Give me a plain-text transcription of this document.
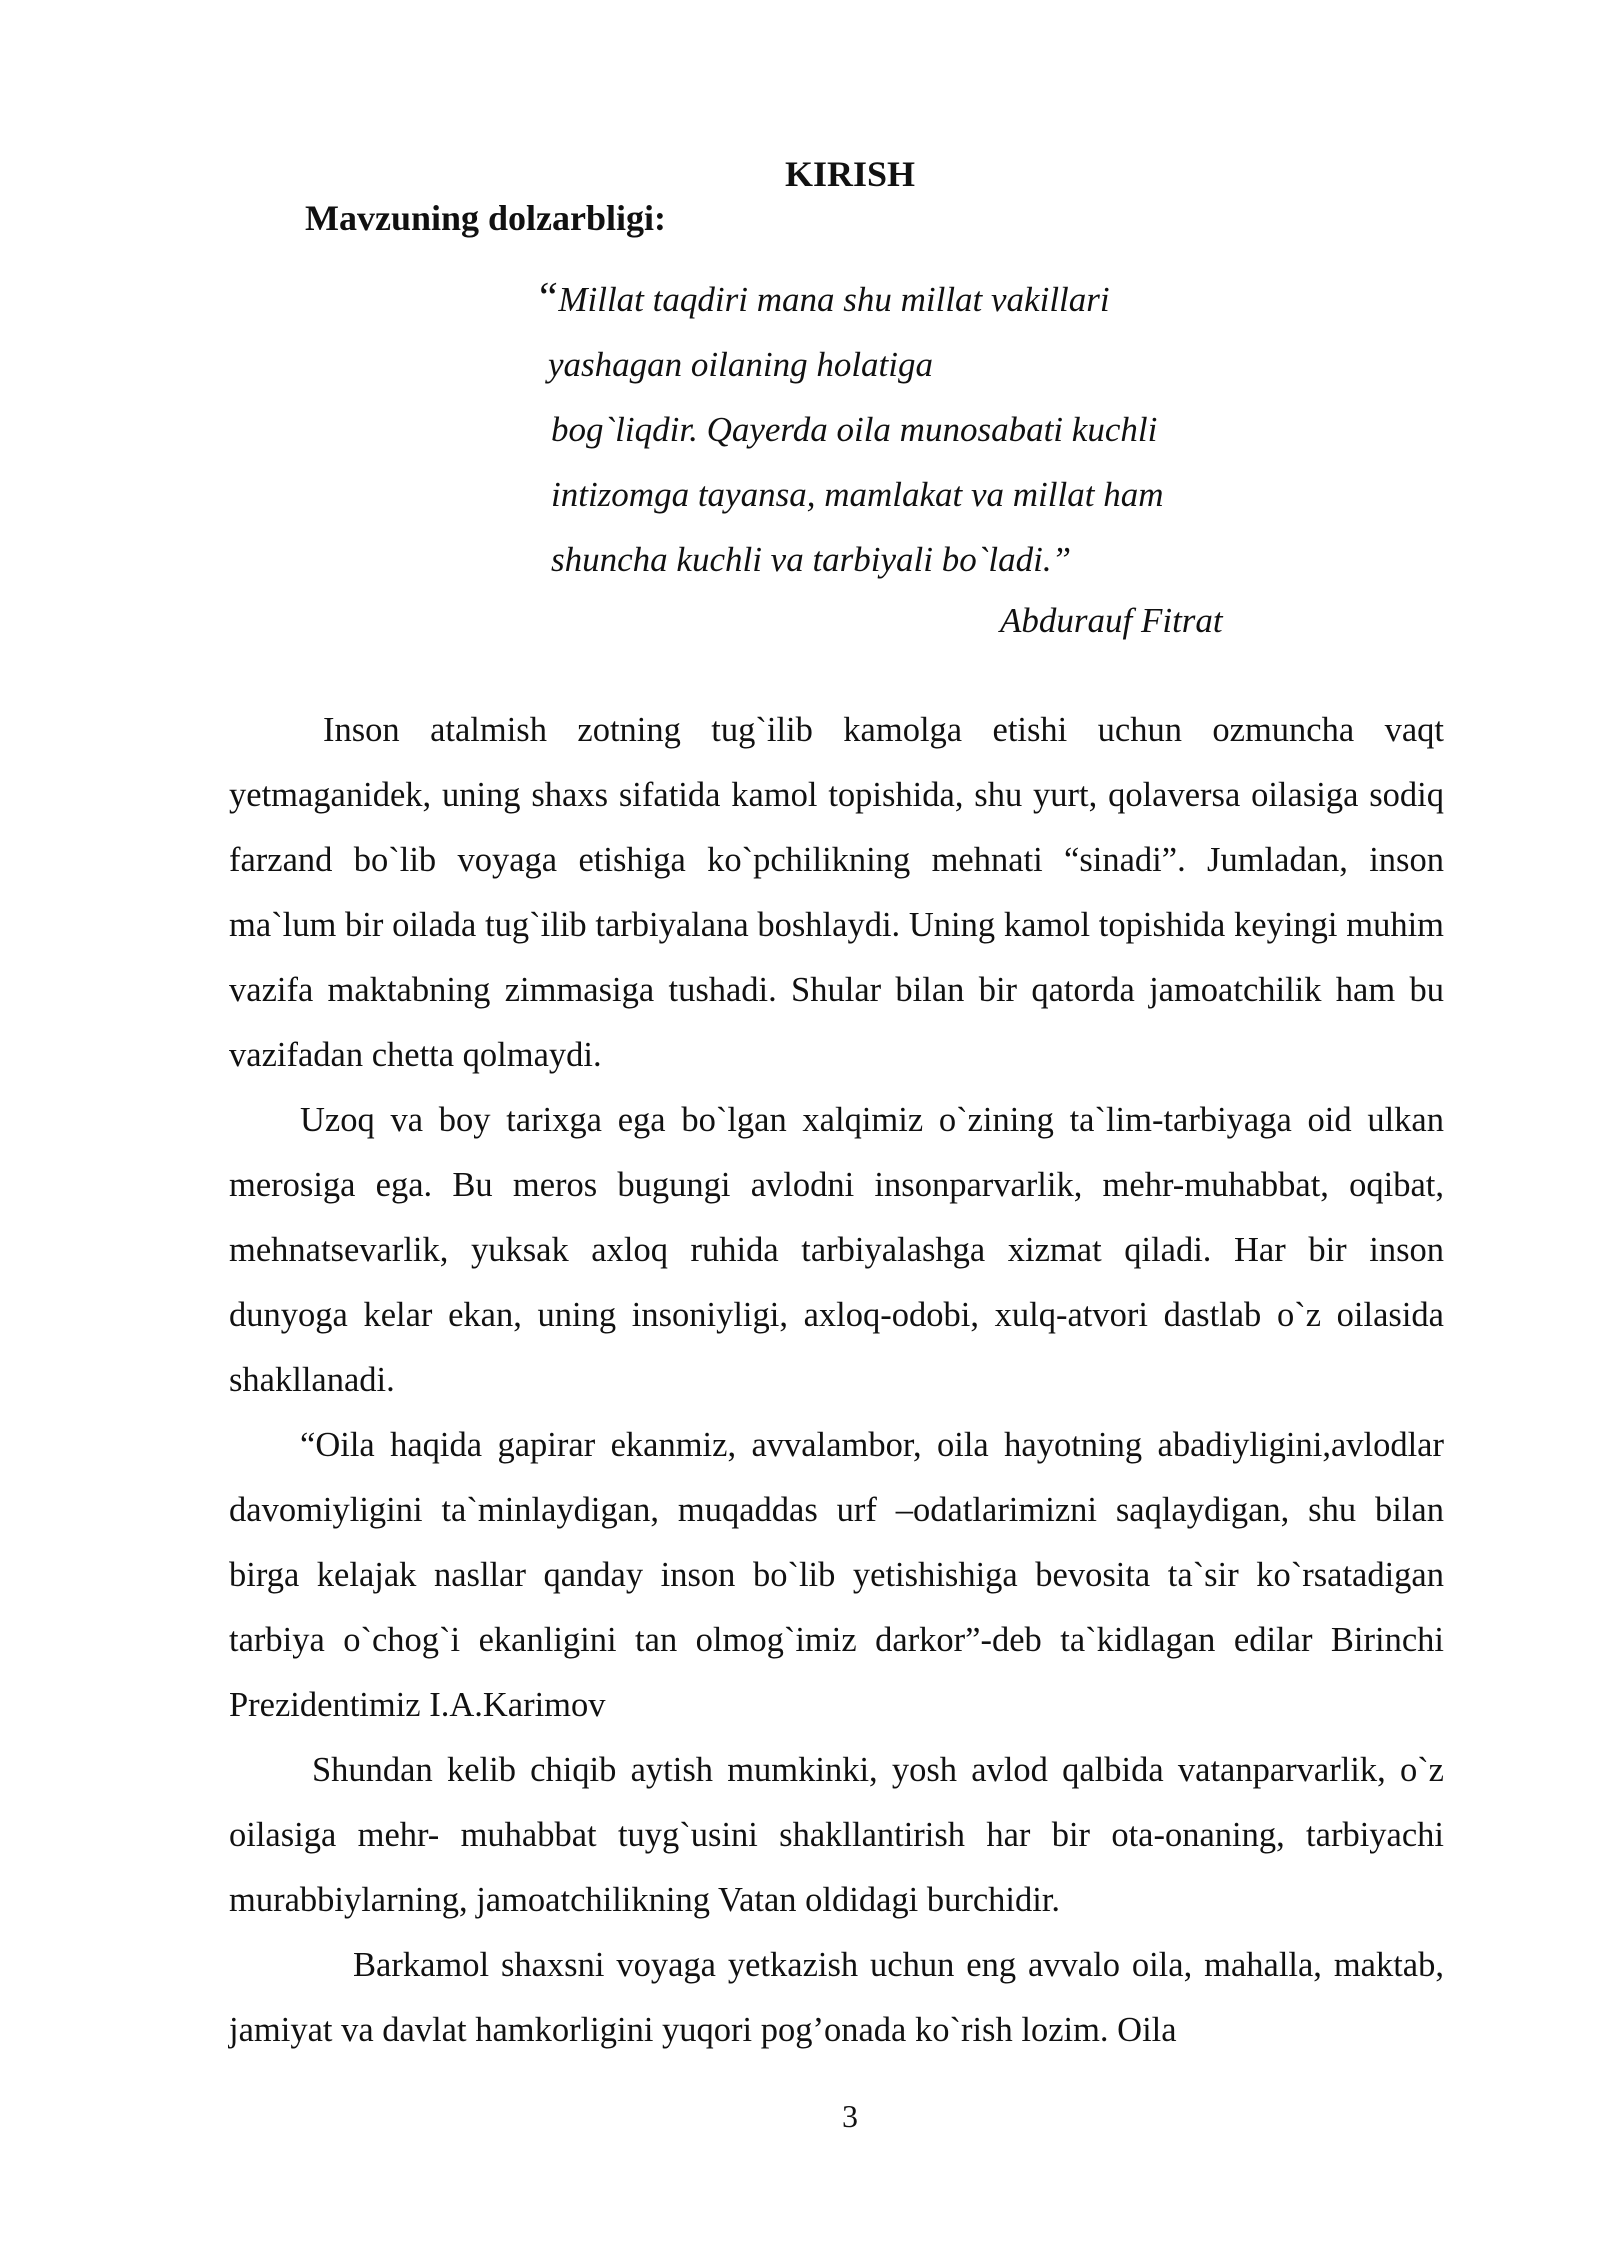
KIRISH
Mavzuning dolzarbligi:
“Millat taqdiri mana shu millat vakillari
yashagan oilaning holatiga
bog`liqdir. Qayerda oila munosabati kuchli
intizomga tayansa, mamlakat va millat ham
shuncha kuchli va tarbiyali bo`ladi.”
Abdurauf Fitrat

Inson atalmish zotning tug`ilib kamolga etishi uchun ozmuncha vaqt yetmaganidek, uning shaxs sifatida kamol topishida, shu yurt, qolaversa oilasiga sodiq farzand bo`lib voyaga etishiga ko`pchilikning mehnati “sinadi”. Jumladan, inson ma`lum bir oilada tug`ilib tarbiyalana boshlaydi. Uning kamol topishida keyingi muhim vazifa maktabning zimmasiga tushadi. Shular bilan bir qatorda jamoatchilik ham bu vazifadan chetta qolmaydi.

Uzoq va boy tarixga ega bo`lgan xalqimiz o`zining ta`lim-tarbiyaga oid ulkan merosiga ega. Bu meros bugungi avlodni insonparvarlik, mehr-muhabbat, oqibat, mehnatsevarlik, yuksak axloq ruhida tarbiyalashga xizmat qiladi. Har bir inson dunyoga kelar ekan, uning insoniyligi, axloq-odobi, xulq-atvori dastlab o`z oilasida shakllanadi.

“Oila haqida gapirar ekanmiz, avvalambor, oila hayotning abadiyligini,avlodlar davomiyligini ta`minlaydigan, muqaddas urf –odatlarimizni saqlaydigan, shu bilan birga kelajak nasllar qanday inson bo`lib yetishishiga bevosita ta`sir ko`rsatadigan tarbiya o`chog`i ekanligini tan olmog`imiz darkor”-deb ta`kidlagan edilar Birinchi Prezidentimiz I.A.Karimov

Shundan kelib chiqib aytish mumkinki, yosh avlod qalbida vatanparvarlik, o`z oilasiga mehr- muhabbat tuyg`usini shakllantirish har bir ota-onaning, tarbiyachi murabbiylarning, jamoatchilikning Vatan oldidagi burchidir.

Barkamol shaxsni voyaga yetkazish uchun eng avvalo oila, mahalla, maktab, jamiyat va davlat hamkorligini yuqori pog’onada ko`rish lozim. Oila

3
